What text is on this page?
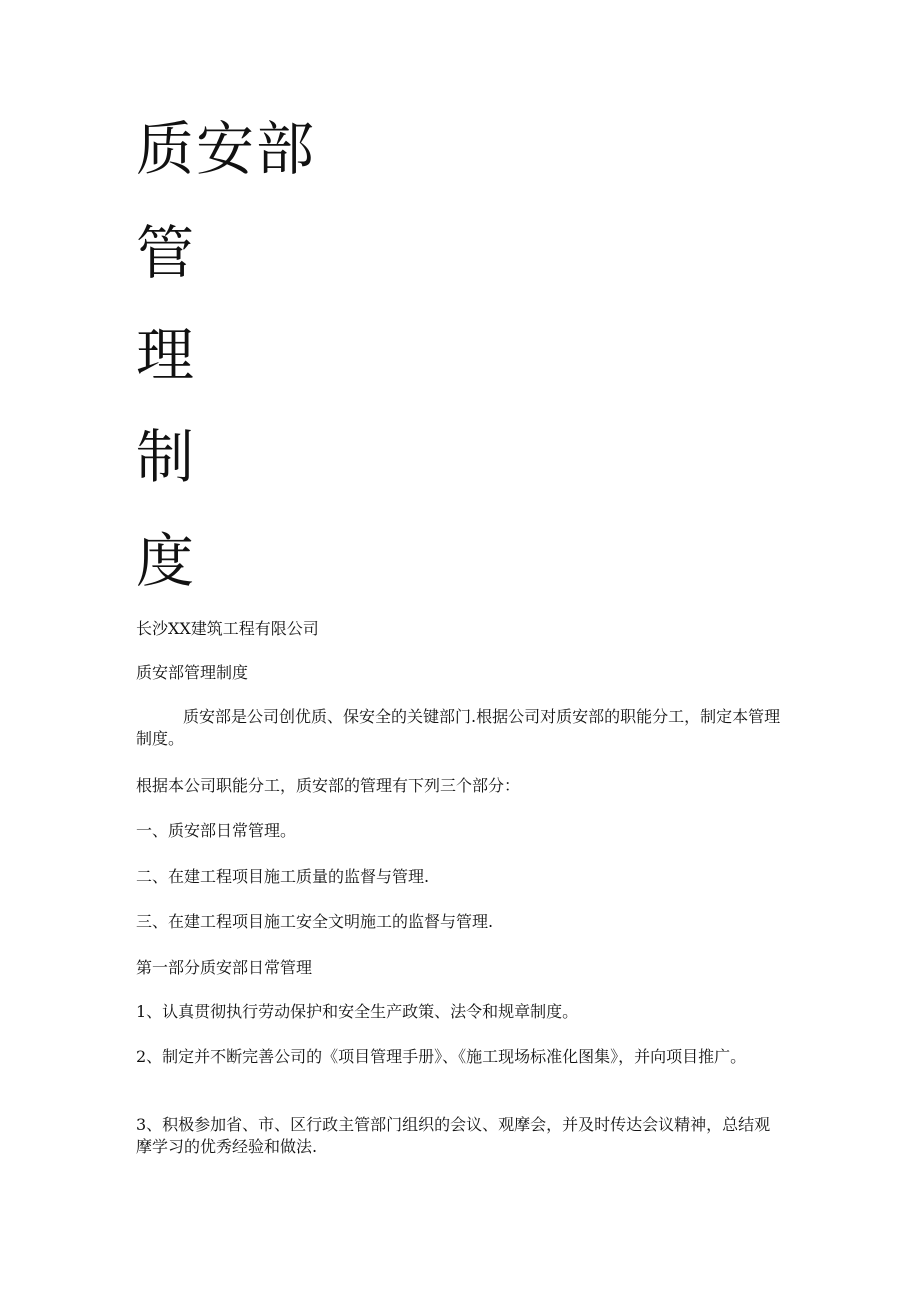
质安部
管
理
制
度

长沙XX建筑工程有限公司

质安部管理制度

质安部是公司创优质、保安全的关键部门.根据公司对质安部的职能分工，制定本管理制度。

根据本公司职能分工，质安部的管理有下列三个部分：

一、质安部日常管理。

二、在建工程项目施工质量的监督与管理.

三、在建工程项目施工安全文明施工的监督与管理.

第一部分质安部日常管理

1、认真贯彻执行劳动保护和安全生产政策、法令和规章制度。

2、制定并不断完善公司的《项目管理手册》、《施工现场标准化图集》，并向项目推广。

3、积极参加省、市、区行政主管部门组织的会议、观摩会，并及时传达会议精神，总结观摩学习的优秀经验和做法.
